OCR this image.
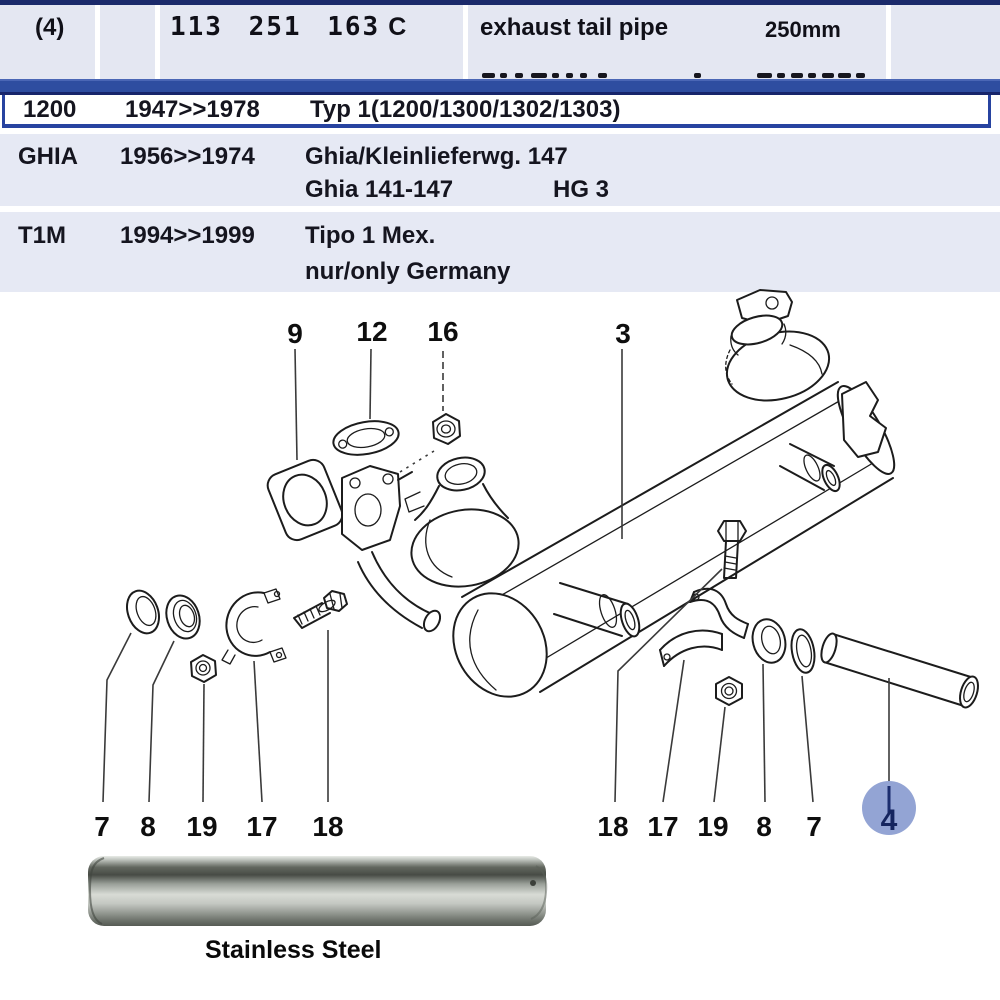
(4)	113 251 163 C	exhaust tail pipe	250mm
1200 1947>>1978 Typ 1(1200/1300/1302/1303)
GHIA 1956>>1974 Ghia/Kleinlieferwg. 147
Ghia 141-147	HG 3
T1M 1994>>1999 Tipo 1 Mex.
nur/only Germany
9 12 16	3
7 8 19 17 18	18 17 19 8 7 4
Stainless Steel
